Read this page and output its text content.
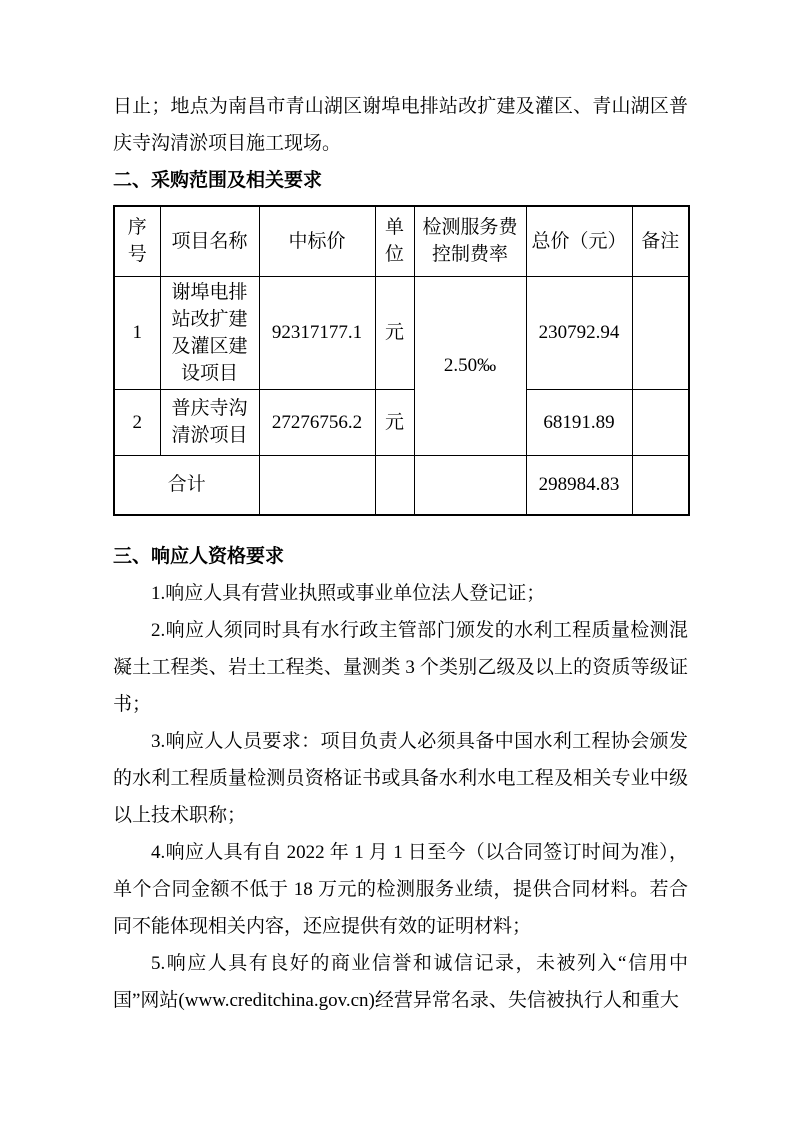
日止；地点为南昌市青山湖区谢埠电排站改扩建及灌区、青山湖区普庆寺沟清淤项目施工现场。

二、采购范围及相关要求
序号	项目名称	中标价	单位	检测服务费控制费率	总价（元）	备注
1	谢埠电排站改扩建及灌区建设项目	92317177.1	元	2.50‰	230792.94	
2	普庆寺沟清淤项目	27276756.2	元		68191.89	
合计					298984.83	
三、响应人资格要求

1.响应人具有营业执照或事业单位法人登记证；

2.响应人须同时具有水行政主管部门颁发的水利工程质量检测混凝土工程类、岩土工程类、量测类 3 个类别乙级及以上的资质等级证书；

3.响应人人员要求：项目负责人必须具备中国水利工程协会颁发的水利工程质量检测员资格证书或具备水利水电工程及相关专业中级以上技术职称；

4.响应人具有自 2022 年 1 月 1 日至今（以合同签订时间为准），单个合同金额不低于 18 万元的检测服务业绩，提供合同材料。若合同不能体现相关内容，还应提供有效的证明材料；

5.响应人具有良好的商业信誉和诚信记录，未被列入“信用中国”网站(www.creditchina.gov.cn)经营异常名录、失信被执行人和重大
